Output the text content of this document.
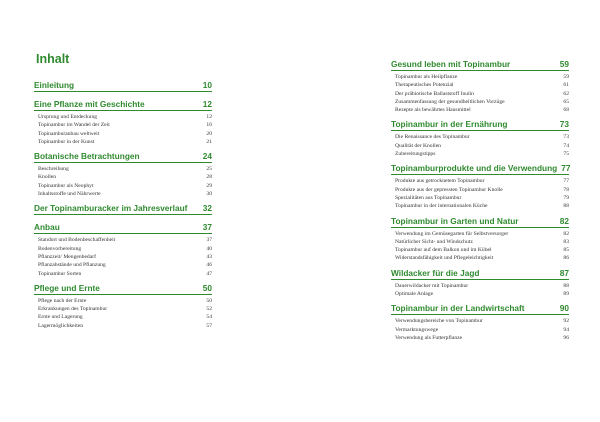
Inhalt
Einleitung	10
Eine Pflanze mit Geschichte	12
Ursprung und Entdeckung	12
Topinambur im Wandel der Zeit	16
Topinamburanbau weltweit	20
Topinambur in der Kunst	21
Botanische Betrachtungen	24
Beschreibung	25
Knollen	28
Topinambur als Neophyt	29
Inhaltsstoffe und Nährwerte	30
Der Topinamburacker im Jahresverlauf	32
Anbau	37
Standort und Bodenbeschaffenheit	37
Bodenvorbereitung	40
Pflanzzeit/ Mengenbedarf	43
Pflanzabstände und Pflanzung	46
Topinambur Sorten	47
Pflege und Ernte	50
Pflege nach der Ernte	50
Erkrankungen des Topinambur	52
Ernte und Lagerung	54
Lagermöglichkeiten	57
Gesund leben mit Topinambur	59
Topinambur als Heilpflanze	59
Therapeutisches Potenzial	61
Der präbiotische Ballaststoff Inulin	62
Zusammenfassung der gesundheitlichen Vorzüge	65
Rezepte als bewährtes Hausmittel	68
Topinambur in der Ernährung	73
Die Renaissance des Topinambur	73
Qualität der Knollen	74
Zubereitungstipps	75
Topinamburprodukte und die Verwendung 77
Produkte aus getrocknetem Topinambur	77
Produkte aus der gepressten Topinambur Knolle	78
Spezialitäten aus Topinambur	79
Topinambur in der internationalen Küche	88
Topinambur in Garten und Natur	82
Verwendung im Gemüsegarten für Selbstversorger	82
Natürlicher Sicht- und Windschutz	83
Topinambur auf dem Balkon und im Kübel	85
Widerstandsfähigkeit und Pflegeleichtigkeit	86
Wildacker für die Jagd	87
Dauerwildacker mit Topinambur	88
Optimale Anlage	89
Topinambur in der Landwirtschaft	90
Verwendungsbereiche von Topinambur	92
Vermarktungswege	94
Verwendung als Futterpflanze	96
